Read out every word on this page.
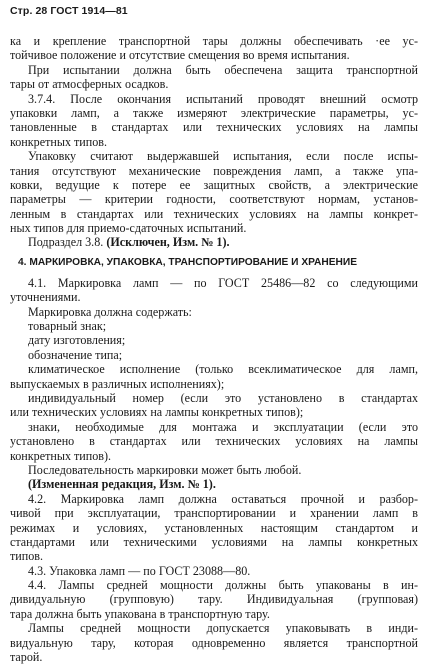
Стр. 28 ГОСТ 1914—81
ка и крепление транспортной тары должны обеспечивать ·ее ус-
тойчивое положение и отсутствие смещения во время испытания.
При испытании должна быть обеспечена защита транспортной
тары от атмосферных осадков.
3.7.4. После окончания испытаний проводят внешний осмотр
упаковки ламп, а также измеряют электрические параметры, ус-
тановленные в стандартах или технических условиях на лампы
конкретных типов.
Упаковку считают выдержавшей испытания, если после испы-
тания отсутствуют механические повреждения ламп, а также упа-
ковки, ведущие к потере ее защитных свойств, а электрические
параметры — критерии годности, соответствуют нормам, установ-
ленным в стандартах или технических условиях на лампы конкрет-
ных типов для приемо-сдаточных испытаний.
Подраздел 3.8. (Исключен, Изм. № 1).
4. МАРКИРОВКА, УПАКОВКА, ТРАНСПОРТИРОВАНИЕ И ХРАНЕНИЕ
4.1. Маркировка ламп — по ГОСТ 25486—82 со следующими
уточнениями.
Маркировка должна содержать:
товарный знак;
дату изготовления;
обозначение типа;
климатическое исполнение (только всеклиматическое для ламп,
выпускаемых в различных исполнениях);
индивидуальный номер (если это установлено в стандартах
или технических условиях на лампы конкретных типов);
знаки, необходимые для монтажа и эксплуатации (если это
установлено в стандартах или технических условиях на лампы
конкретных типов).
Последовательность маркировки может быть любой.
(Измененная редакция, Изм. № 1).
4.2. Маркировка ламп должна оставаться прочной и разбор-
чивой при эксплуатации, транспортировании и хранении ламп в
режимах и условиях, установленных настоящим стандартом и
стандартами или техническими условиями на лампы конкретных
типов.
4.3. Упаковка ламп — по ГОСТ 23088—80.
4.4. Лампы средней мощности должны быть упакованы в ин-
дивидуальную (групповую) тару. Индивидуальная (групповая)
тара должна быть упакована в транспортную тару.
Лампы средней мощности допускается упаковывать в инди-
видуальную тару, которая одновременно является транспортной
тарой.
